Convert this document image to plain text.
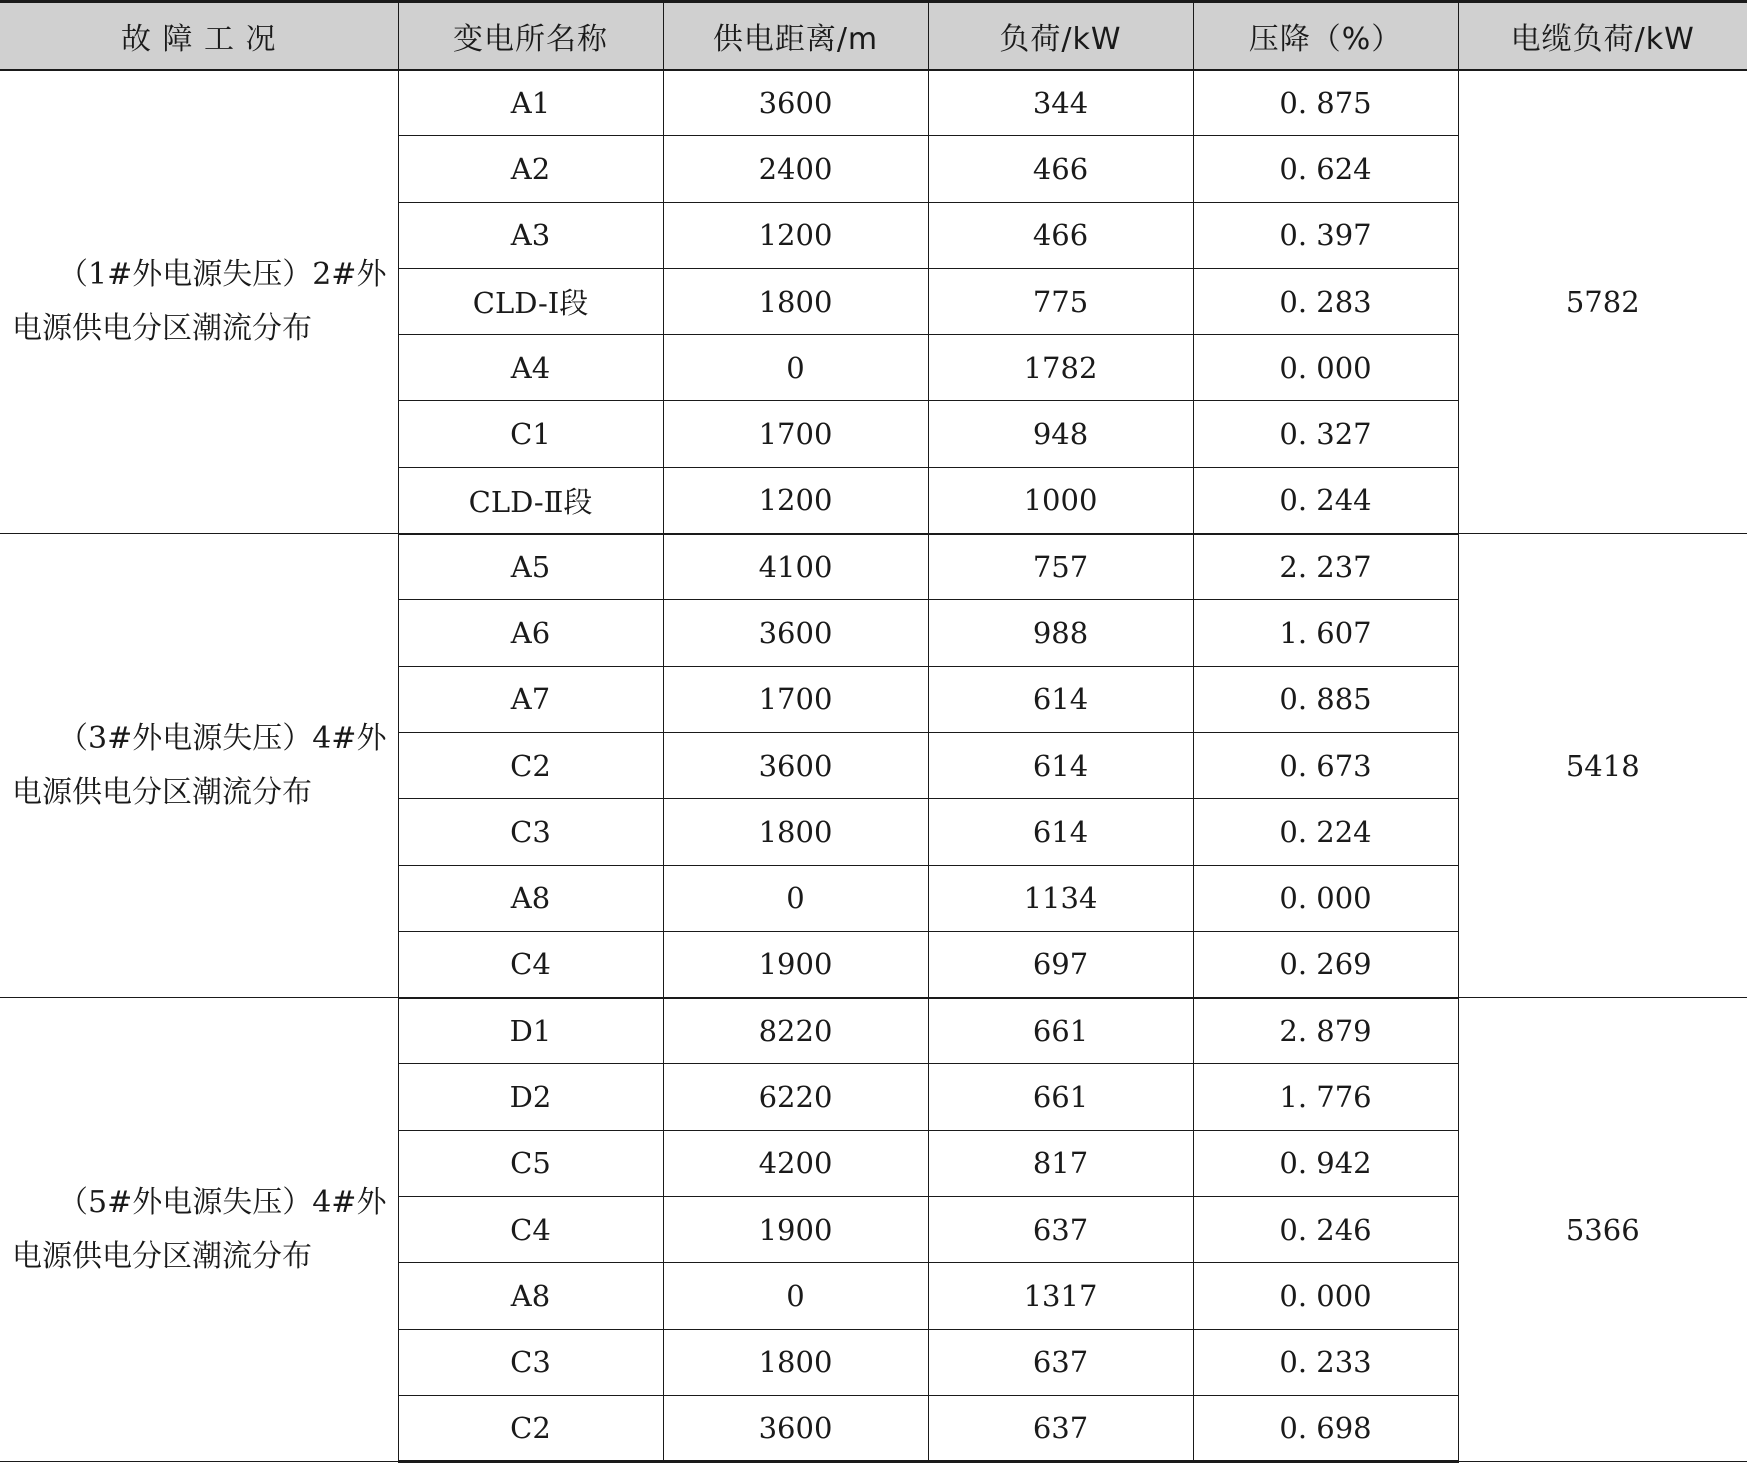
故 障 工 况	变电所名称	供电距离/m	负荷/kW	压降（%）	电缆负荷/kW

（1#外电源失压）2#外
电源供电分区潮流分布	A1	3600	344	0. 875	5782
	A2	2400	466	0. 624	
	A3	1200	466	0. 397	
	CLD-Ⅰ段	1800	775	0. 283	
	A4	0	1782	0. 000	
	C1	1700	948	0. 327	
	CLD-Ⅱ段	1200	1000	0. 244	

（3#外电源失压）4#外
电源供电分区潮流分布	A5	4100	757	2. 237	5418
	A6	3600	988	1. 607	
	A7	1700	614	0. 885	
	C2	3600	614	0. 673	
	C3	1800	614	0. 224	
	A8	0	1134	0. 000	
	C4	1900	697	0. 269	

（5#外电源失压）4#外
电源供电分区潮流分布	D1	8220	661	2. 879	5366
	D2	6220	661	1. 776	
	C5	4200	817	0. 942	
	C4	1900	637	0. 246	
	A8	0	1317	0. 000	
	C3	1800	637	0. 233	
	C2	3600	637	0. 698	
